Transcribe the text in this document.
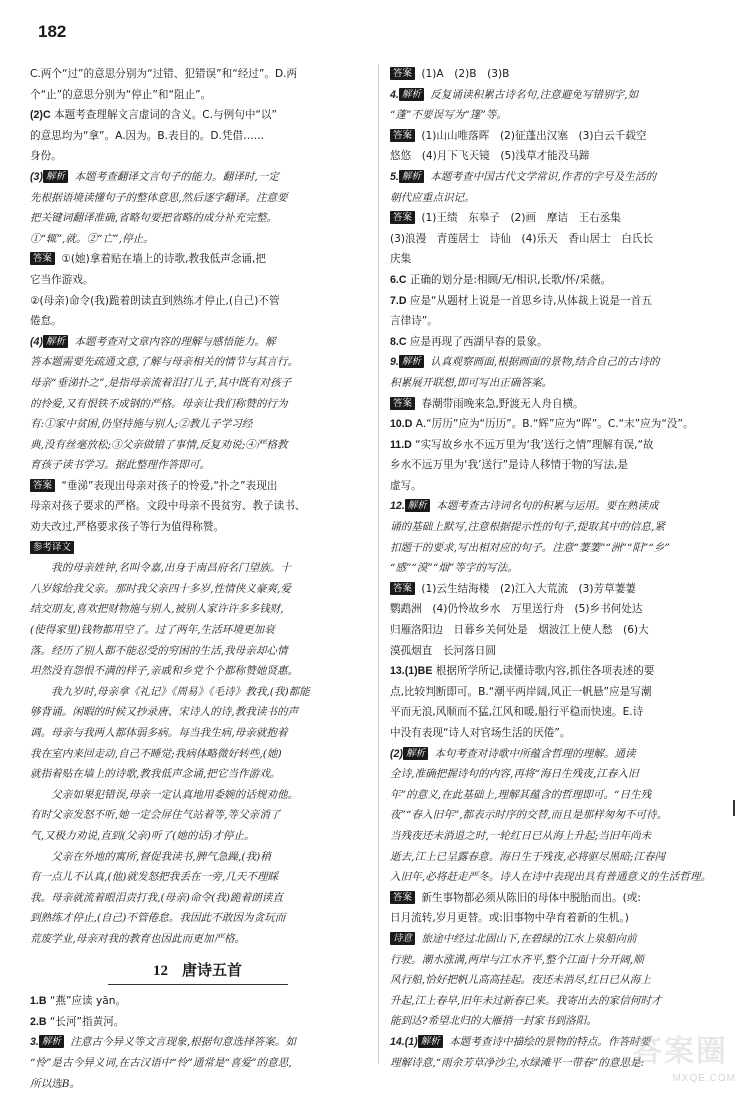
182

C.两个“过”的意思分别为“过错、犯错误”和“经过”。D.两

个“止”的意思分别为“停止”和“阻止”。

(2)C 本题考查理解文言虚词的含义。C.与例句中“以”

的意思均为“拿”。A.因为。B.表目的。D.凭借……

身份。

(3) 解析 本题考查翻译文言句子的能力。翻译时,一定

先根据语境读懂句子的整体意思,然后逐字翻译。注意要

把关键词翻译准确,省略句要把省略的成分补充完整。

①“辄”,就。②“亡”,停止。

答案 ①(她)拿着贴在墙上的诗歌,教我低声念诵,把

它当作游戏。

②(母亲)命令(我)跪着朗读直到熟练才停止,(自己)不管

倦怠。

(4) 解析 本题考查对文章内容的理解与感悟能力。解

答本题需要先疏通文意,了解与母亲相关的情节与其言行。

母亲“垂涕扑之”,是指母亲流着泪打儿子,其中既有对孩子

的怜爱,又有恨铁不成钢的严格。母亲让我们称赞的行为

有:①家中贫困,仍坚持施与别人;②教儿子学习经

典,没有丝毫放松;③父亲做错了事情,反复劝说;④严格教

育孩子读书学习。据此整理作答即可。

答案 “垂涕”表现出母亲对孩子的怜爱,“扑之”表现出

母亲对孩子要求的严格。文段中母亲不畏贫穷、教子读书、

劝夫改过,严格要求孩子等行为值得称赞。

参考译文

　　我的母亲姓钟,名叫令嘉,出身于南昌府名门望族。十

八岁嫁给我父亲。那时我父亲四十多岁,性情侠义豪爽,爱

结交朋友,喜欢把财物施与别人,被别人家许许多多钱财,

(使得家里)钱物都用空了。过了两年,生活环境更加衰

落。经历了别人都不能忍受的穷困的生活,我母亲却心情

坦然没有怨恨不满的样子,亲戚和乡党个个都称赞她贤惠。

　　我九岁时,母亲拿《礼记》《周易》《毛诗》教我,(我)都能

够背诵。闲暇的时候又抄录唐、宋诗人的诗,教我读书的声

调。母亲与我两人都体弱多病。每当我生病,母亲就抱着

我在室内来回走动,自己不睡觉;我病体略微好转些,(她)

就指着贴在墙上的诗歌,教我低声念诵,把它当作游戏。

　　父亲如果犯错误,母亲一定认真地用委婉的话规劝他。

有时父亲发怒不听,她一定会屏住气站着等,等父亲消了

气,又极力劝说,直到(父亲)听了(她的话)才停止。

　　父亲在外地的寓所,督促我读书,脾气急躁,(我)稍

有一点儿不认真,(他)就发怒把我丢在一旁,几天不理睬

我。母亲就流着眼泪责打我,(母亲)命令(我)跪着朗读直

到熟练才停止,(自己)不管倦怠。我因此不敢因为贪玩而

荒废学业,母亲对我的教育也因此而更加严格。

12 唐诗五首

1.B “燕”应读 yān。

2.B “长河”指黄河。

3. 解析 注意古今异义等文言现象,根据句意选择答案。如

“怜”是古今异义词,在古汉语中“怜”通常是“喜爱”的意思,

所以选B。

答案 (1)A　(2)B　(3)B

4. 解析 反复诵读积累古诗名句,注意避免写错别字,如

“蓬”不要误写为“篷”等。

答案 (1)山山唯落晖　(2)征蓬出汉塞　(3)白云千载空

悠悠　(4)月下飞天镜　(5)浅草才能没马蹄

5. 解析 本题考查中国古代文学常识,作者的字号及生活的

朝代应重点识记。

答案 (1)王绩　东皋子　(2)画　摩诘　王右丞集

(3)浪漫　青莲居士　诗仙　(4)乐天　香山居士　白氏长

庆集

6.C 正确的划分是:相顾/无/相识,长歌/怀/采薇。

7.D 应是“从题材上说是一首思乡诗,从体裁上说是一首五

言律诗”。

8.C 应是再现了西湖早春的景象。

9. 解析 认真观察画面,根据画面的景物,结合自己的古诗的

积累展开联想,即可写出正确答案。

答案 春潮带雨晚来急,野渡无人舟自横。

10.D A.“厉历”应为“历历”。B.“辉”应为“晖”。C.“末”应为“没”。

11.D “实写故乡水不远万里为‘我’送行之情”理解有误,“故

乡水不远万里为‘我’送行”是诗人移情于物的写法,是

虚写。

12. 解析 本题考查古诗词名句的积累与运用。要在熟读成

诵的基础上默写,注意根据提示性的句子,提取其中的信息,紧

扣题干的要求,写出相对应的句子。注意“萋萋”“洲”“阳”“乡”

“感”“漠”“烟”等字的写法。

答案 (1)云生结海楼　(2)江入大荒流　(3)芳草萋萋

鹦鹉洲　(4)仍怜故乡水　万里送行舟　(5)乡书何处达

归雁洛阳边　日暮乡关何处是　烟波江上使人愁　(6)大

漠孤烟直　长河落日圆

13.(1)BE 根据所学所记,读懂诗歌内容,抓住各项表述的要

点,比较判断即可。B.“潮平两岸阔,风正一帆悬”应是写潮

平而无浪,风顺而不猛,江风和暖,船行平稳而快速。E.诗

中没有表现“诗人对官场生活的厌倦”。

(2) 解析 本句考查对诗歌中所蕴含哲理的理解。通读

全诗,准确把握诗句的内容,再将“海日生残夜,江春入旧

年”的意义,在此基础上,理解其蕴含的哲理即可。“日生残

夜”“春入旧年”,都表示时序的交替,而且是那样匆匆不可待。

当残夜还未消退之时,一轮红日已从海上升起;当旧年尚未

逝去,江上已呈露春意。海日生于残夜,必将驱尽黑暗;江春闯

入旧年,必将赶走严冬。诗人在诗中表现出具有普通意义的生活哲理。

答案 新生事物都必须从陈旧的母体中脱胎而出。(或:

日月流转,岁月更替。或:旧事物中孕育着新的生机。)

诗意 旅途中经过北固山下,在碧绿的江水上泉船向前

行驶。潮水涨满,两岸与江水齐平,整个江面十分开阔,顺

风行船,恰好把帆儿高高挂起。夜还未消尽,红日已从海上

升起,江上春早,旧年未过新春已来。我寄出去的家信何时才

能到达?希望北归的大雁捎一封家书到洛阳。

14.(1) 解析 本题考查诗中描绘的景物的特点。作答时要

理解诗意,“雨余芳草净沙尘,水绿滩平一带春”的意思是:

答案圈
MXQE.COM
